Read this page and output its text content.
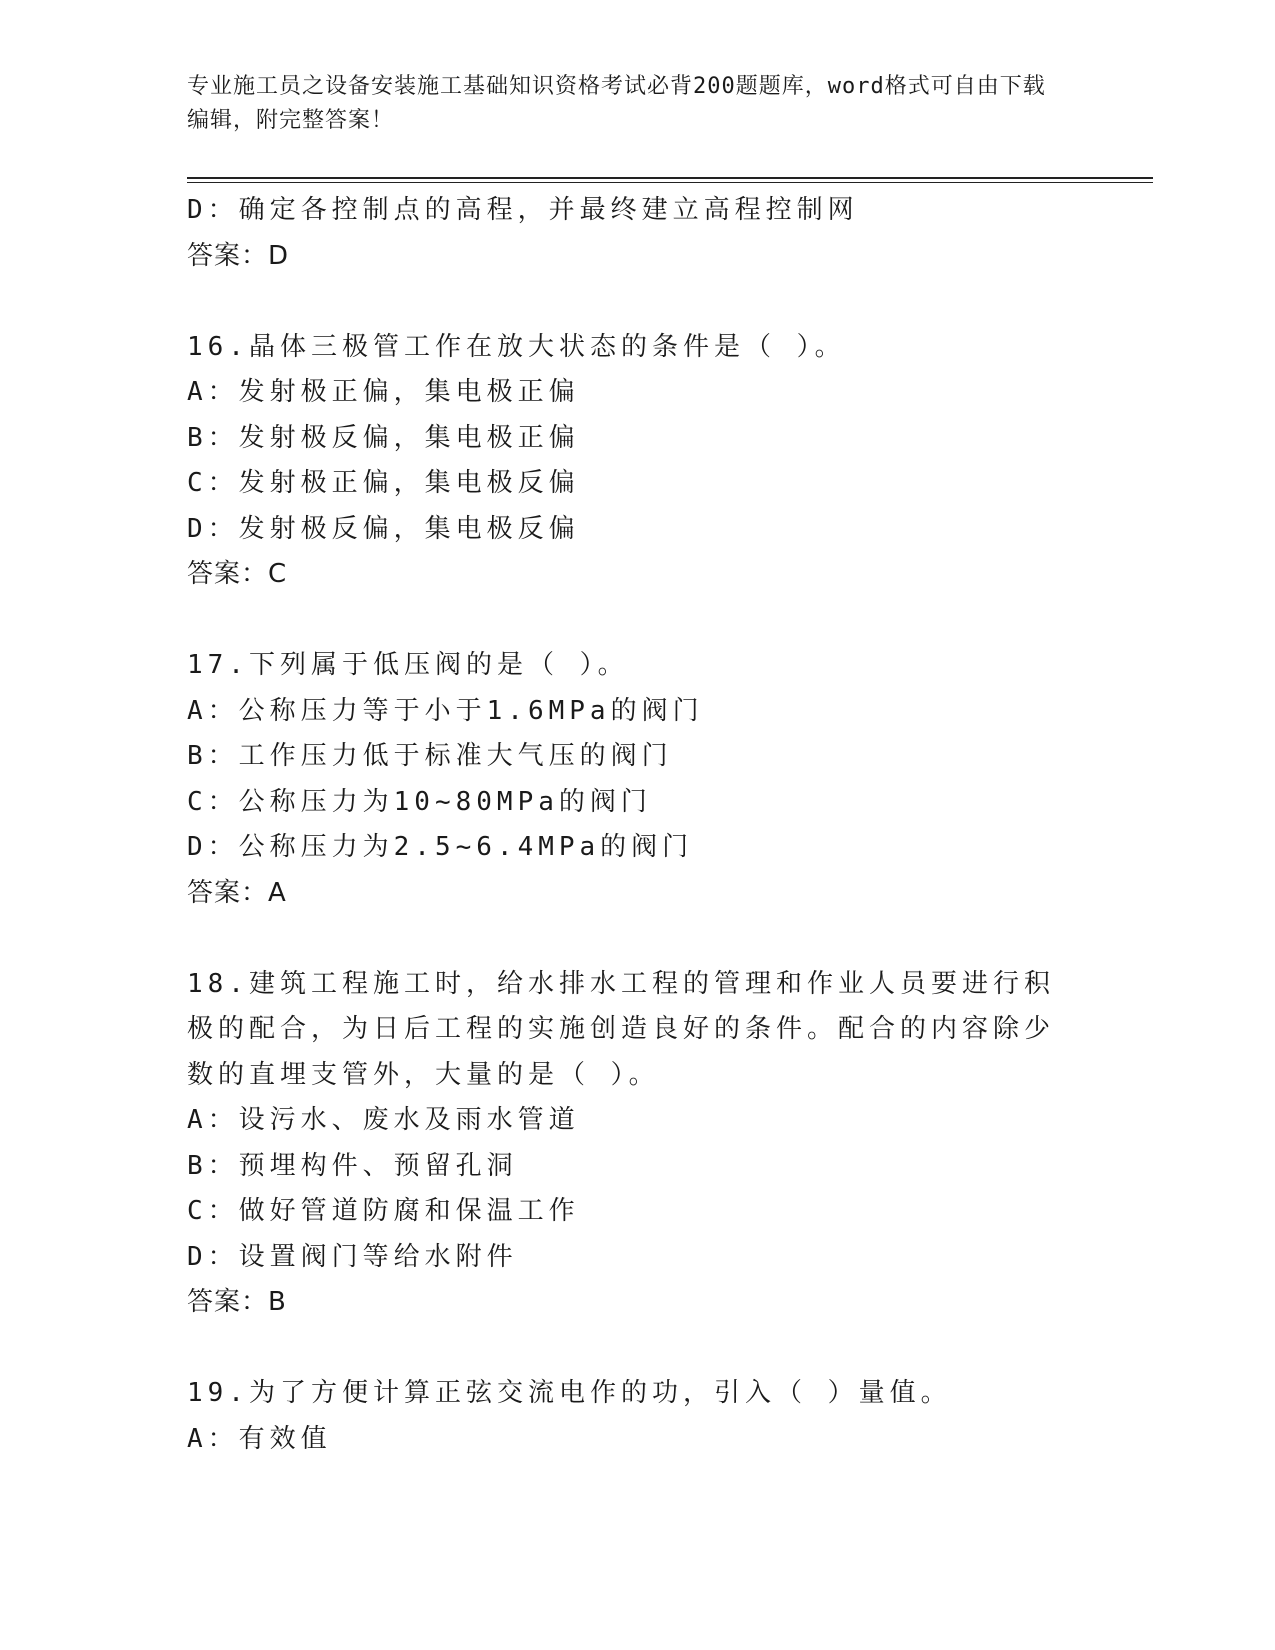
专业施工员之设备安装施工基础知识资格考试必背200题题库，word格式可自由下载编辑，附完整答案！

D：确定各控制点的高程，并最终建立高程控制网

答案：D

16.晶体三极管工作在放大状态的条件是（ ）。

A：发射极正偏，集电极正偏

B：发射极反偏，集电极正偏

C：发射极正偏，集电极反偏

D：发射极反偏，集电极反偏

答案：C

17.下列属于低压阀的是（ ）。

A：公称压力等于小于1.6MPa的阀门

B：工作压力低于标准大气压的阀门

C：公称压力为10~80MPa的阀门

D：公称压力为2.5~6.4MPa的阀门

答案：A

18.建筑工程施工时，给水排水工程的管理和作业人员要进行积极的配合，为日后工程的实施创造良好的条件。配合的内容除少数的直埋支管外，大量的是（ ）。

A：设污水、废水及雨水管道

B：预埋构件、预留孔洞

C：做好管道防腐和保温工作

D：设置阀门等给水附件

答案：B

19.为了方便计算正弦交流电作的功，引入（ ）量值。

A：有效值
